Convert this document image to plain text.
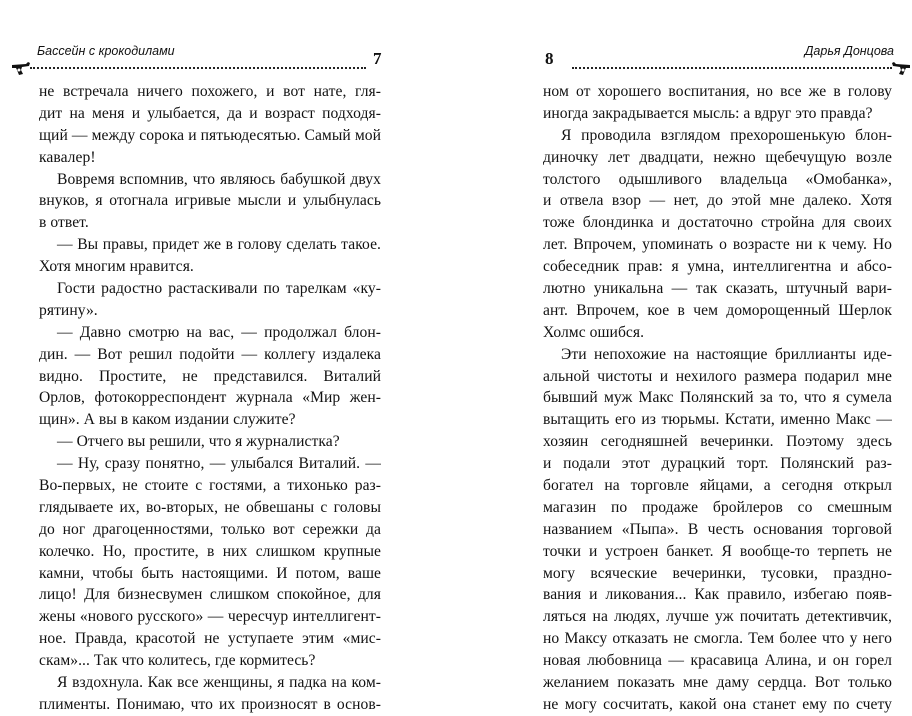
Бассейн с крокодилами	7
не встречала ничего похожего, и вот нате, гля-
дит на меня и улыбается, да и возраст подходя-
щий — между сорока и пятьюдесятью. Самый мой
кавалер!
Вовремя вспомнив, что являюсь бабушкой двух
внуков, я отогнала игривые мысли и улыбнулась
в ответ.
— Вы правы, придет же в голову сделать такое.
Хотя многим нравится.
Гости радостно растаскивали по тарелкам «ку-
рятину».
— Давно смотрю на вас, — продолжал блон-
дин. — Вот решил подойти — коллегу издалека
видно. Простите, не представился. Виталий
Орлов, фотокорреспондент журнала «Мир жен-
щин». А вы в каком издании служите?
— Отчего вы решили, что я журналистка?
— Ну, сразу понятно, — улыбался Виталий. —
Во-первых, не стоите с гостями, а тихонько раз-
глядываете их, во-вторых, не обвешаны с головы
до ног драгоценностями, только вот сережки да
колечко. Но, простите, в них слишком крупные
камни, чтобы быть настоящими. И потом, ваше
лицо! Для бизнесвумен слишком спокойное, для
жены «нового русского» — чересчур интеллигент-
ное. Правда, красотой не уступаете этим «мис-
скам»... Так что колитесь, где кормитесь?
Я вздохнула. Как все женщины, я падка на ком-
плименты. Понимаю, что их произносят в основ-
Дарья Донцова
8
ном от хорошего воспитания, но все же в голову
иногда закрадывается мысль: а вдруг это правда?
Я проводила взглядом прехорошенькую блон-
диночку лет двадцати, нежно щебечущую возле
толстого одышливого владельца «Омобанка»,
и отвела взор — нет, до этой мне далеко. Хотя
тоже блондинка и достаточно стройна для своих
лет. Впрочем, упоминать о возрасте ни к чему. Но
собеседник прав: я умна, интеллигентна и абсо-
лютно уникальна — так сказать, штучный вари-
ант. Впрочем, кое в чем доморощенный Шерлок
Холмс ошибся.
Эти непохожие на настоящие бриллианты иде-
альной чистоты и нехилого размера подарил мне
бывший муж Макс Полянский за то, что я сумела
вытащить его из тюрьмы. Кстати, именно Макс —
хозяин сегодняшней вечеринки. Поэтому здесь
и подали этот дурацкий торт. Полянский раз-
богател на торговле яйцами, а сегодня открыл
магазин по продаже бройлеров со смешным
названием «Пыпа». В честь основания торговой
точки и устроен банкет. Я вообще-то терпеть не
могу всяческие вечеринки, тусовки, праздно-
вания и ликования... Как правило, избегаю появ-
ляться на людях, лучше уж почитать детективчик,
но Максу отказать не смогла. Тем более что у него
новая любовница — красавица Алина, и он горел
желанием показать мне даму сердца. Вот только
не могу сосчитать, какой она станет ему по счету
